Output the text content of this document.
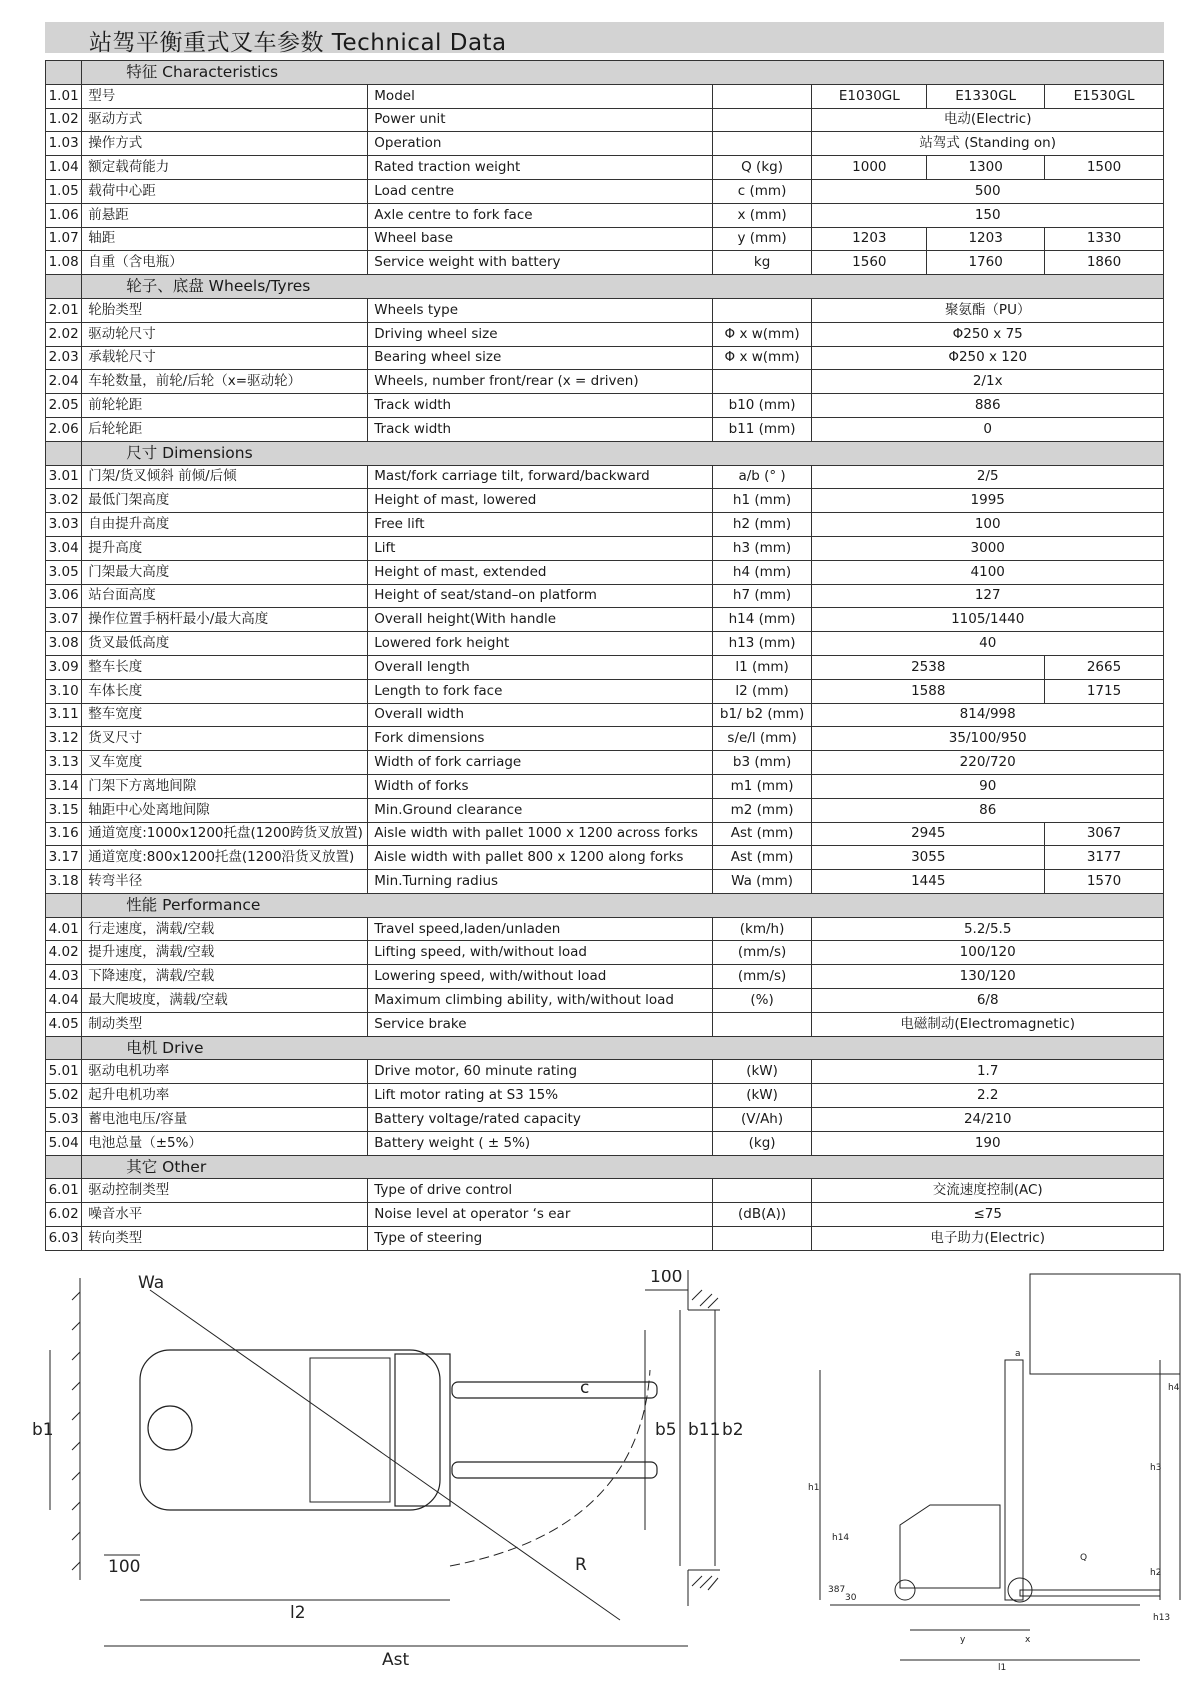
站驾平衡重式叉车参数 Technical Data
	特征 Characteristics					
1.01	型号	Model		E1030GL	E1330GL	E1530GL
1.02	驱动方式	Power unit		电动(Electric)		
1.03	操作方式	Operation		站驾式 (Standing on)		
1.04	额定载荷能力	Rated traction weight	Q (kg)	1000	1300	1500
1.05	载荷中心距	Load centre	c (mm)	500		
1.06	前悬距	Axle centre to fork face	x (mm)	150		
1.07	轴距	Wheel base	y (mm)	1203	1203	1330
1.08	自重（含电瓶）	Service weight with battery	kg	1560	1760	1860
	轮子、底盘 Wheels/Tyres					
2.01	轮胎类型	Wheels type		聚氨酯（PU）		
2.02	驱动轮尺寸	Driving wheel size	Φ x w(mm)	Φ250 x 75		
2.03	承载轮尺寸	Bearing wheel size	Φ x w(mm)	Φ250 x 120		
2.04	车轮数量，前轮/后轮（x=驱动轮）	Wheels, number front/rear (x = driven)		2/1x		
2.05	前轮轮距	Track width	b10 (mm)	886		
2.06	后轮轮距	Track width	b11 (mm)	0		
	尺寸 Dimensions					
3.01	门架/货叉倾斜 前倾/后倾	Mast/fork carriage tilt, forward/backward	a/b (° )	2/5		
3.02	最低门架高度	Height of mast, lowered	h1 (mm)	1995		
3.03	自由提升高度	Free lift	h2 (mm)	100		
3.04	提升高度	Lift	h3 (mm)	3000		
3.05	门架最大高度	Height of mast, extended	h4 (mm)	4100		
3.06	站台面高度	Height of seat/stand–on platform	h7 (mm)	127		
3.07	操作位置手柄杆最小/最大高度	Overall height(With handle	h14 (mm)	1105/1440		
3.08	货叉最低高度	Lowered fork height	h13 (mm)	40		
3.09	整车长度	Overall length	l1 (mm)	2538		2665
3.10	车体长度	Length to fork face	l2 (mm)	1588		1715
3.11	整车宽度	Overall width	b1/ b2 (mm)	814/998		
3.12	货叉尺寸	Fork dimensions	s/e/l (mm)	35/100/950		
3.13	叉车宽度	Width of fork carriage	b3 (mm)	220/720		
3.14	门架下方离地间隙	Width of forks	m1 (mm)	90		
3.15	轴距中心处离地间隙	Min.Ground clearance	m2 (mm)	86		
3.16	通道宽度:1000x1200托盘(1200跨货叉放置)	Aisle width with pallet 1000 x 1200 across forks	Ast (mm)	2945		3067
3.17	通道宽度:800x1200托盘(1200沿货叉放置)	Aisle width with pallet 800 x 1200 along forks	Ast (mm)	3055		3177
3.18	转弯半径	Min.Turning radius	Wa (mm)	1445		1570
	性能 Performance					
4.01	行走速度，满载/空载	Travel speed,laden/unladen	(km/h)	5.2/5.5		
4.02	提升速度，满载/空载	Lifting speed, with/without load	(mm/s)	100/120		
4.03	下降速度，满载/空载	Lowering speed, with/without load	(mm/s)	130/120		
4.04	最大爬坡度，满载/空载	Maximum climbing ability, with/without load	(%)	6/8		
4.05	制动类型	Service brake		电磁制动(Electromagnetic)		
	电机 Drive					
5.01	驱动电机功率	Drive motor, 60 minute rating	(kW)	1.7		
5.02	起升电机功率	Lift motor rating at S3 15%	(kW)	2.2		
5.03	蓄电池电压/容量	Battery voltage/rated capacity	(V/Ah)	24/210		
5.04	电池总量（±5%）	Battery weight ( ± 5%)	(kg)	190		
	其它 Other					
6.01	驱动控制类型	Type of drive control		交流速度控制(AC)		
6.02	噪音水平	Noise level at operator ‘s ear	(dB(A))	≤75		
6.03	转向类型	Type of steering		电子助力(Electric)		
Wa	100
b1
c
b5 b11 b2
100
l2
R
Ast
h1
h14
387
30
h3
h4
h2
h13
Q
a
y	x
l1
